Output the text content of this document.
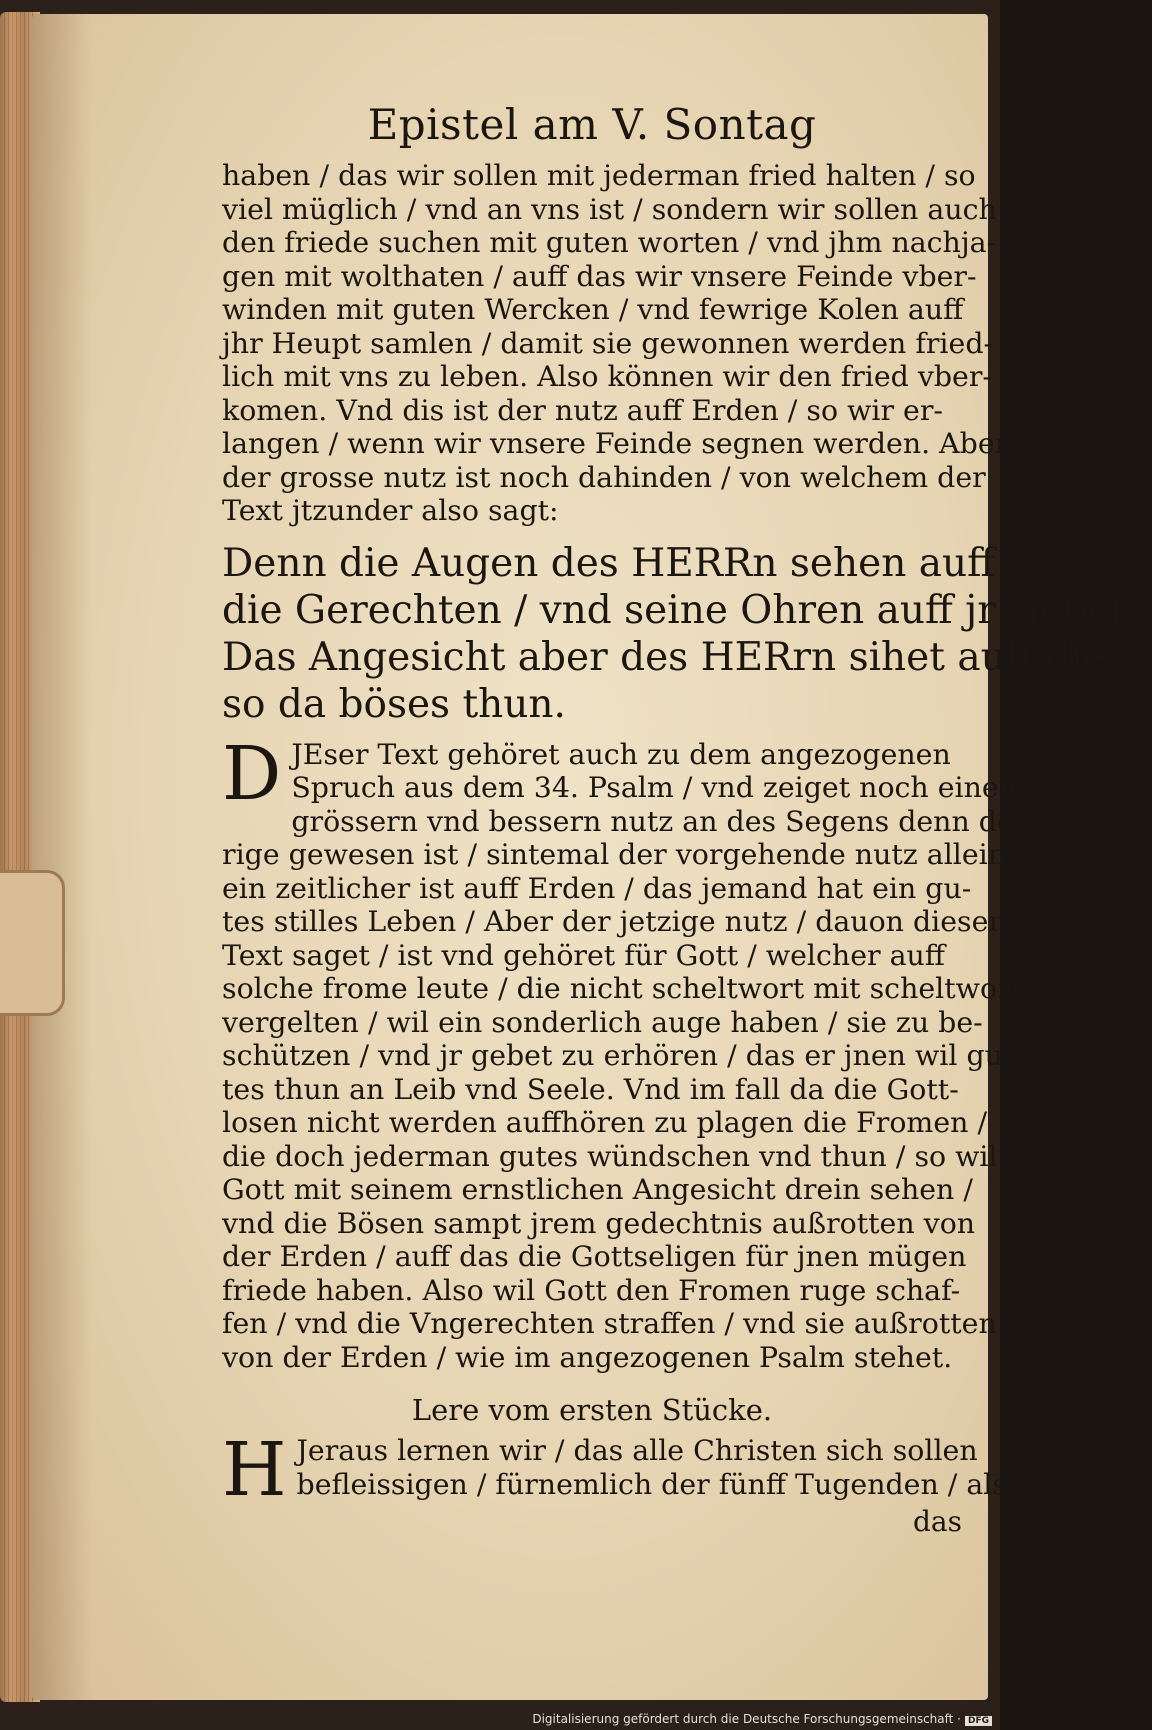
Epistel am V. Sontag

haben / das wir sollen mit jederman fried halten / so
viel müglich / vnd an vns ist / sondern wir sollen auch
den friede suchen mit guten worten / vnd jhm nachja-
gen mit wolthaten / auff das wir vnsere Feinde vber-
winden mit guten Wercken / vnd fewrige Kolen auff
jhr Heupt samlen / damit sie gewonnen werden fried-
lich mit vns zu leben. Also können wir den fried vber-
komen. Vnd dis ist der nutz auff Erden / so wir er-
langen / wenn wir vnsere Feinde segnen werden. Aber
der grosse nutz ist noch dahinden / von welchem der
Text jtzunder also sagt:

Denn die Augen des HERRn sehen auff
die Gerechten / vnd seine Ohren auff jr Gebet /
Das Angesicht aber des HERrn sihet auff die
so da böses thun.

D JEser Text gehöret auch zu dem angezogenen
Spruch aus dem 34. Psalm / vnd zeiget noch einen
grössern vnd bessern nutz an des Segens denn der vo-
rige gewesen ist / sintemal der vorgehende nutz allein
ein zeitlicher ist auff Erden / das jemand hat ein gu-
tes stilles Leben / Aber der jetzige nutz / dauon dieser
Text saget / ist vnd gehöret für Gott / welcher auff
solche frome leute / die nicht scheltwort mit scheltwort
vergelten / wil ein sonderlich auge haben / sie zu be-
schützen / vnd jr gebet zu erhören / das er jnen wil gu-
tes thun an Leib vnd Seele. Vnd im fall da die Gott-
losen nicht werden auffhören zu plagen die Fromen /
die doch jederman gutes wündschen vnd thun / so wil
Gott mit seinem ernstlichen Angesicht drein sehen /
vnd die Bösen sampt jrem gedechtnis außrotten von
der Erden / auff das die Gottseligen für jnen mügen
friede haben. Also wil Gott den Fromen ruge schaf-
fen / vnd die Vngerechten straffen / vnd sie außrotten
von der Erden / wie im angezogenen Psalm stehet.

Lere vom ersten Stücke.

H Jeraus lernen wir / das alle Christen sich sollen
befleissigen / fürnemlich der fünff Tugenden / als

das
Digitalisierung gefördert durch die Deutsche Forschungsgemeinschaft · DFG
